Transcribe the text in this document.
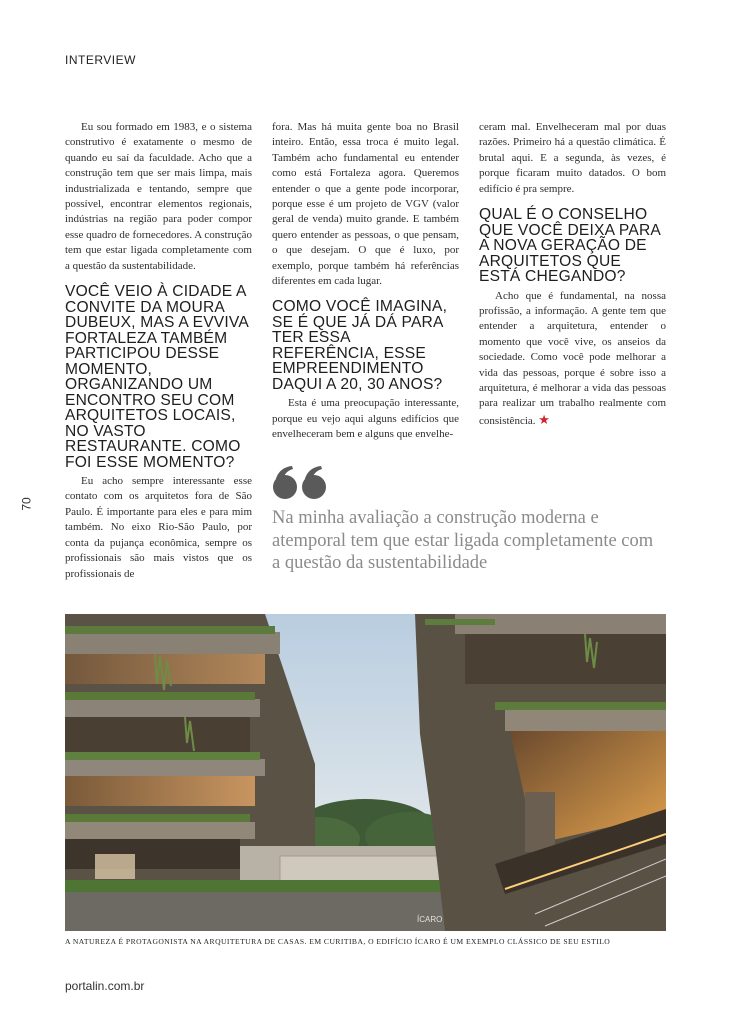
INTERVIEW
70

Eu sou formado em 1983, e o sistema construtivo é exatamente o mesmo de quando eu saí da faculdade. Acho que a construção tem que ser mais limpa, mais industrializada e tentando, sempre que possível, encontrar elementos regionais, indústrias na região para poder compor esse quadro de fornecedores. A construção tem que estar ligada completamente com a questão da sustentabilidade.

VOCÊ VEIO À CIDADE A CONVITE DA MOURA DUBEUX, MAS A EVVIVA FORTALEZA TAMBÉM PARTICIPOU DESSE MOMENTO, ORGANIZANDO UM ENCONTRO SEU COM ARQUITETOS LOCAIS, NO VASTO RESTAURANTE. COMO FOI ESSE MOMENTO?

Eu acho sempre interessante esse contato com os arquitetos fora de São Paulo. É importante para eles e para mim também. No eixo Rio-São Paulo, por conta da pujança econômica, sempre os profissionais são mais vistos que os profissionais de

fora. Mas há muita gente boa no Brasil inteiro. Então, essa troca é muito legal. Também acho fundamental eu entender como está Fortaleza agora. Queremos entender o que a gente pode incorporar, porque esse é um projeto de VGV (valor geral de venda) muito grande. E também quero entender as pessoas, o que pensam, o que desejam. O que é luxo, por exemplo, porque também há referências diferentes em cada lugar.

COMO VOCÊ IMAGINA, SE É QUE JÁ DÁ PARA TER ESSA REFERÊNCIA, ESSE EMPREENDIMENTO DAQUI A 20, 30 ANOS?

Esta é uma preocupação interessante, porque eu vejo aqui alguns edifícios que envelheceram bem e alguns que envelhe-

ceram mal. Envelheceram mal por duas razões. Primeiro há a questão climática. É brutal aqui. E a segunda, às vezes, é porque ficaram muito datados. O bom edifício é pra sempre.

QUAL É O CONSELHO QUE VOCÊ DEIXA PARA A NOVA GERAÇÃO DE ARQUITETOS QUE ESTÁ CHEGANDO?

Acho que é fundamental, na nossa profissão, a informação. A gente tem que entender a arquitetura, entender o momento que você vive, os anseios da sociedade. Como você pode melhorar a vida das pessoas, porque é sobre isso a arquitetura, é melhorar a vida das pessoas para realizar um trabalho realmente com consistência. ★

Na minha avaliação a construção moderna e atemporal tem que estar ligada completamente com a questão da sustentabilidade
ÍCARO
A NATUREZA É PROTAGONISTA NA ARQUITETURA DE CASAS. EM CURITIBA, O EDIFÍCIO ÍCARO É UM EXEMPLO CLÁSSICO DE SEU ESTILO
portalin.com.br
